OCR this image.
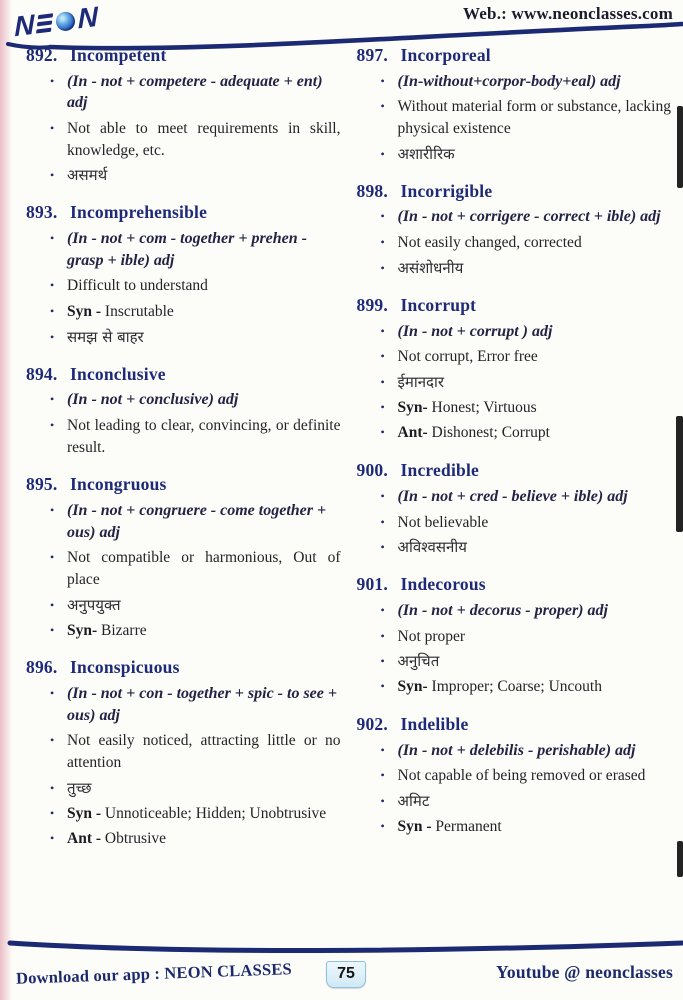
N N	Web.: www.neonclasses.com
892. Incompetent
• (In - not + competere - adequate + ent) adj
• Not able to meet requirements in skill, knowledge, etc.
• असमर्थ
893. Incomprehensible
• (In - not + com - together + prehen - grasp + ible) adj
• Difficult to understand
• Syn - Inscrutable
• समझ से बाहर
894. Inconclusive
• (In - not + conclusive) adj
• Not leading to clear, convincing, or definite result.
895. Incongruous
• (In - not + congruere - come together + ous) adj
• Not compatible or harmonious, Out of place
• अनुपयुक्त
• Syn- Bizarre
896. Inconspicuous
• (In - not + con - together + spic - to see + ous) adj
• Not easily noticed, attracting little or no attention
• तुच्छ
• Syn - Unnoticeable; Hidden; Unobtrusive
• Ant - Obtrusive
897. Incorporeal
• (In-without+corpor-body+eal) adj
• Without material form or substance, lacking physical existence
• अशारीरिक
898. Incorrigible
• (In - not + corrigere - correct + ible) adj
• Not easily changed, corrected
• असंशोधनीय
899. Incorrupt
• (In - not + corrupt ) adj
• Not corrupt, Error free
• ईमानदार
• Syn- Honest; Virtuous
• Ant- Dishonest; Corrupt
900. Incredible
• (In - not + cred - believe + ible) adj
• Not believable
• अविश्वसनीय
901. Indecorous
• (In - not + decorus - proper) adj
• Not proper
• अनुचित
• Syn- Improper; Coarse; Uncouth
902. Indelible
• (In - not + delebilis - perishable) adj
• Not capable of being removed or erased
• अमिट
• Syn - Permanent
Download our app : NEON CLASSES	75	Youtube @ neonclasses
